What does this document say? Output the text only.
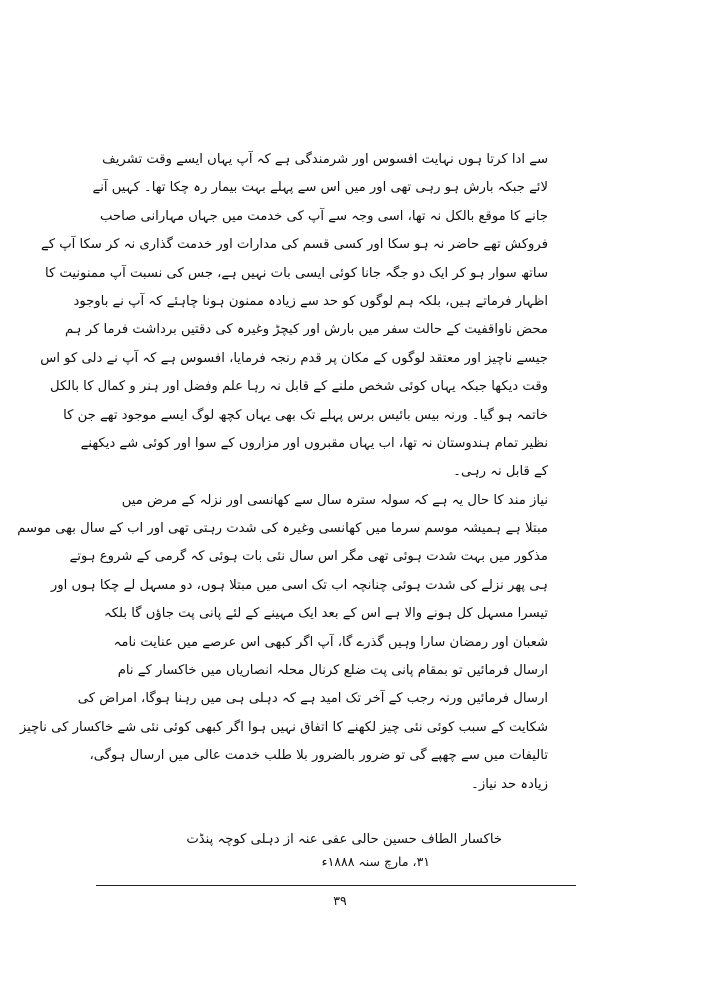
سے ادا کرتا ہوں نہایت افسوس اور شرمندگی ہے کہ آپ یہاں ایسے وقت تشریف
لائے جبکہ بارش ہو رہی تھی اور میں اس سے پہلے بہت بیمار رہ چکا تھا۔ کہیں آنے
جانے کا موقع بالکل نہ تھا، اسی وجہ سے آپ کی خدمت میں جہاں مہارانی صاحب
فروکش تھے حاضر نہ ہو سکا اور کسی قسم کی مدارات اور خدمت گذاری نہ کر سکا آپ کے
ساتھ سوار ہو کر ایک دو جگہ جانا کوئی ایسی بات نہیں ہے، جس کی نسبت آپ ممنونیت کا
اظہار فرماتے ہیں، بلکہ ہم لوگوں کو حد سے زیادہ ممنون ہونا چاہئے کہ آپ نے باوجود
محض ناواقفیت کے حالت سفر میں بارش اور کیچڑ وغیرہ کی دقتیں برداشت فرما کر ہم
جیسے ناچیز اور معتقد لوگوں کے مکان پر قدم رنجہ فرمایا، افسوس ہے کہ آپ نے دلی کو اس
وقت دیکھا جبکہ یہاں کوئی شخص ملنے کے قابل نہ رہا علم وفضل اور ہنر و کمال کا بالکل
خاتمہ ہو گیا۔ ورنہ بیس بائیس برس پہلے تک بھی یہاں کچھ لوگ ایسے موجود تھے جن کا
نظیر تمام ہندوستان نہ تھا، اب یہاں مقبروں اور مزاروں کے سوا اور کوئی شے دیکھنے
کے قابل نہ رہی۔
نیاز مند کا حال یہ ہے کہ سولہ سترہ سال سے کھانسی اور نزلہ کے مرض میں
مبتلا ہے ہمیشہ موسم سرما میں کھانسی وغیرہ کی شدت رہتی تھی اور اب کے سال بھی موسم
مذکور میں بہت شدت ہوئی تھی مگر اس سال نئی بات ہوئی کہ گرمی کے شروع ہوتے
ہی پھر نزلے کی شدت ہوئی چنانچہ اب تک اسی میں مبتلا ہوں، دو مسہل لے چکا ہوں اور
تیسرا مسہل کل ہونے والا ہے اس کے بعد ایک مہینے کے لئے پانی پت جاؤں گا بلکہ
شعبان اور رمضان سارا وہیں گذرے گا، آپ اگر کبھی اس عرصے میں عنایت نامہ
ارسال فرمائیں تو بمقام پانی پت ضلع کرنال محلہ انصاریاں میں خاکسار کے نام
ارسال فرمائیں ورنہ رجب کے آخر تک امید ہے کہ دہلی ہی میں رہنا ہوگا، امراض کی
شکایت کے سبب کوئی نئی چیز لکھنے کا اتفاق نہیں ہوا اگر کبھی کوئی نئی شے خاکسار کی ناچیز
تالیفات میں سے چھپے گی تو ضرور بالضرور بلا طلب خدمت عالی میں ارسال ہوگی،
زیادہ حد نیاز۔
خاکسار الطاف حسین حالی عفی عنہ از دہلی کوچہ پنڈت
۳۱، مارچ سنہ ۱۸۸۸ء
۳۹
